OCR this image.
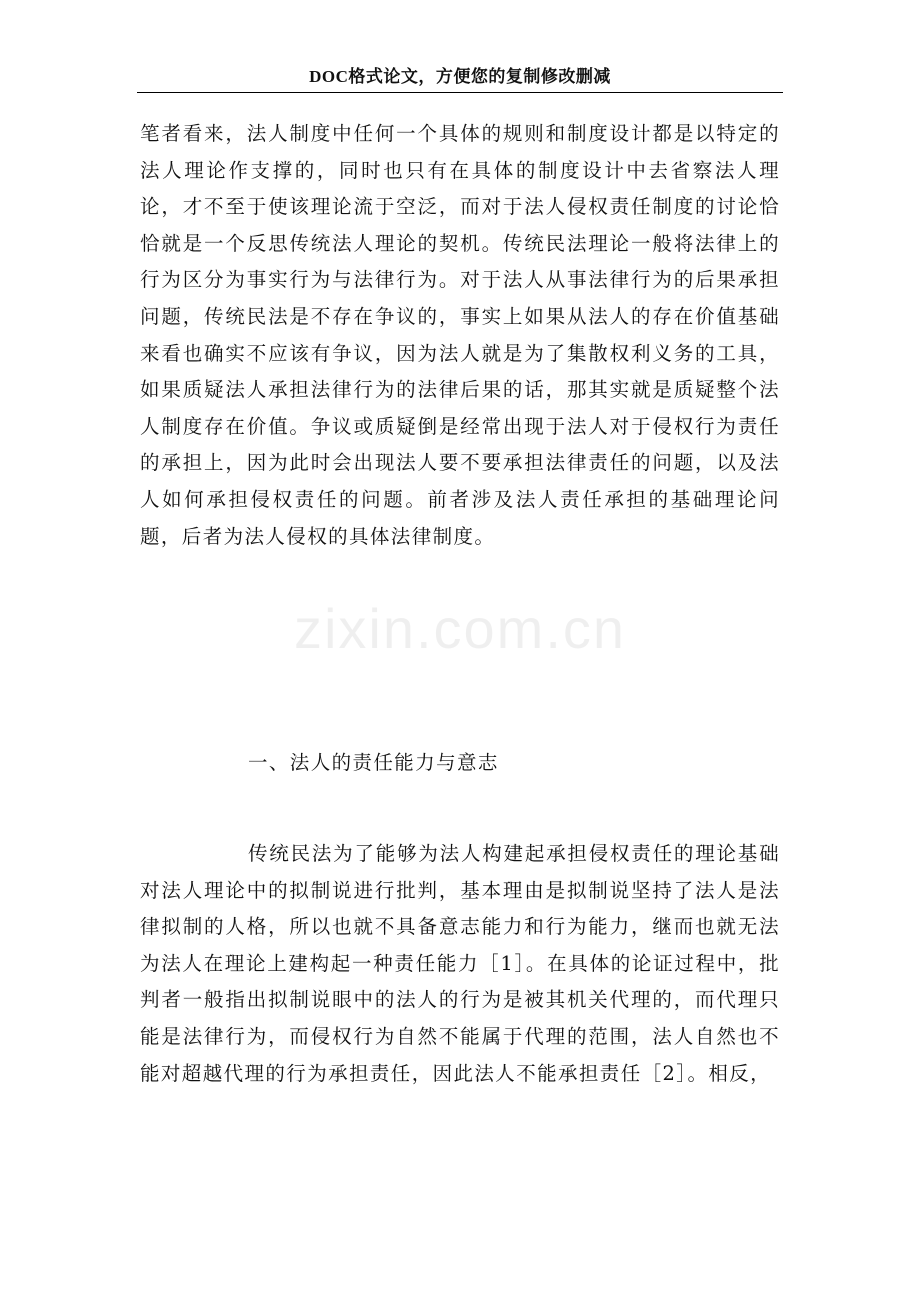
DOC格式论文，方便您的复制修改删减
笔者看来，法人制度中任何一个具体的规则和制度设计都是以特定的法人理论作支撑的，同时也只有在具体的制度设计中去省察法人理论，才不至于使该理论流于空泛，而对于法人侵权责任制度的讨论恰恰就是一个反思传统法人理论的契机。传统民法理论一般将法律上的行为区分为事实行为与法律行为。对于法人从事法律行为的后果承担问题，传统民法是不存在争议的，事实上如果从法人的存在价值基础来看也确实不应该有争议，因为法人就是为了集散权利义务的工具，如果质疑法人承担法律行为的法律后果的话，那其实就是质疑整个法人制度存在价值。争议或质疑倒是经常出现于法人对于侵权行为责任的承担上，因为此时会出现法人要不要承担法律责任的问题，以及法人如何承担侵权责任的问题。前者涉及法人责任承担的基础理论问题，后者为法人侵权的具体法律制度。
一、法人的责任能力与意志
传统民法为了能够为法人构建起承担侵权责任的理论基础对法人理论中的拟制说进行批判，基本理由是拟制说坚持了法人是法律拟制的人格，所以也就不具备意志能力和行为能力，继而也就无法为法人在理论上建构起一种责任能力［1］。在具体的论证过程中，批判者一般指出拟制说眼中的法人的行为是被其机关代理的，而代理只能是法律行为，而侵权行为自然不能属于代理的范围，法人自然也不能对超越代理的行为承担责任，因此法人不能承担责任［2］。相反，
zixin.com.cn
